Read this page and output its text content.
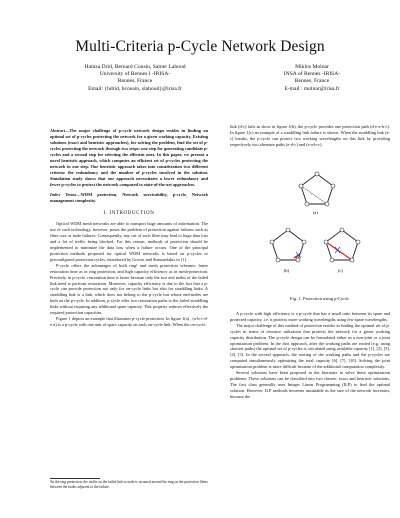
Multi-Criteria p-Cycle Network Design
Hamza Drid, Bernard Cousin, Samer Lahoud
University of Rennes I -IRISA-
Rennes, France
Email: {hdrid, bcousin, slahoud}@irisa.fr
Miklos Molnar
INSA of Rennes -IRISA-
Rennes, France
E-mail : molnar@irisa.fr

Abstract—The major challenge of p-cycle network design resides in finding an optimal set of p-cycles protecting the network for a given working capacity. Existing solutions (exact and heuristic approaches), for solving the problem, find the set of p-cycles protecting the network through two steps: one step for generating candidate p-cycles and a second step for selecting the efficient ones. In this paper, we present a novel heuristic approach, which computes an efficient set of p-cycles protecting the network in one step. Our heuristic approach takes into consideration two different criteria: the redundancy and the number of p-cycles involved in the solution. Simulation study shows that our approach necessitates a lower redundancy and fewer p-cycles to protect the network compared to state-of-the-art approaches.

Index Terms—WDM protection, Network survivability, p-cycle, Network management complexity.

I. INTRODUCTION

Optical WDM mesh networks are able to transport huge amounts of information. The use of such technology, however, poses the problem of protection against failures such as fiber cuts or node failures. Consequently, any cut of such fiber may lead to huge data loss and a lot of traffic being blocked. For this reason, methods of protection should be implemented to minimize the data loss when a failure occurs. One of the principal protection methods proposed for optical WDM networks is based on p-cycles or preconfigured protection cycles, introduced by Grover and Stamatelakis in [1].

P-cycle offers the advantages of both ring¹ and mesh protection schemes: faster restoration time as in ring protection, and high capacity efficiency as in mesh-protection. Precisely, in p-cycle, restoration time is faster because only the two end nodes of the failed link need to perform restoration. Moreover, capacity efficiency is due to the fact that a p-cycle can provide protection not only for on-cycle links but also for straddling links. A straddling link is a link, which does not belong to the p-cycle but whose end-nodes are both on the p-cycle. In addition, p-cycle offer two restoration paths to the failed straddling links without requiring any additional spare capacity. This property reduces effectively the required protection capacities.

Figure 1 depicts an example that illustrates p-cycle protection. In figure 1(a) , (a-b-c-d-e-a) is a p-cycle with one unit of spare capacity on each on-cycle link. When the on-cycle

¹In the ring protection; the traffic on the failed link or node is rerouted around the ring on the protection fibers between the nodes adjacent to the failure.

link (d-c) fails as show in figure 1(b), the p-cycle provides one protection path (d-e-a-b-c). In figure 1(c) an example of a straddling link failure is shown. When the straddling link (e-c) breaks, the p-cycle can protect two working wavelengths on this link by providing respectively two alternate paths (e-d-c) and (e-a-b-c).

(a)
(b)	(c)
Fig. 1. Protection using p-Cycle

A p-cycle with high efficiency is a p-cycle that has a small ratio between its spare and protected capacity, i.e. it protects more working wavelengths using few spare wavelengths.

The major challenge of this method of protection resides in finding the optimal set of p-cycles in terms of resource utilization that protects the network for a given working capacity distribution. The p-cycle design can be formulated either as a non-joint or a joint optimization problem. In the first approach, after the working paths are routed (e.g. using shortest paths) the optimal set of p-cycles is calculated using available capacity [1], [2], [3], [4], [5]. In the second approach, the routing of the working paths and the p-cycles are computed simultaneously optimizing the total capacity [6], [7], [10]. Solving the joint optimization problem is more difficult because of the additional computation complexity.

Several solutions have been proposed in the literature to solve these optimization problems. These solutions can be classified into two classes: exact and heuristic solutions. The first class generally uses Integer Linear Programming (ILP) to find the optimal solution. However, ILP methods becomes unsuitable as the size of the network increases, because the
